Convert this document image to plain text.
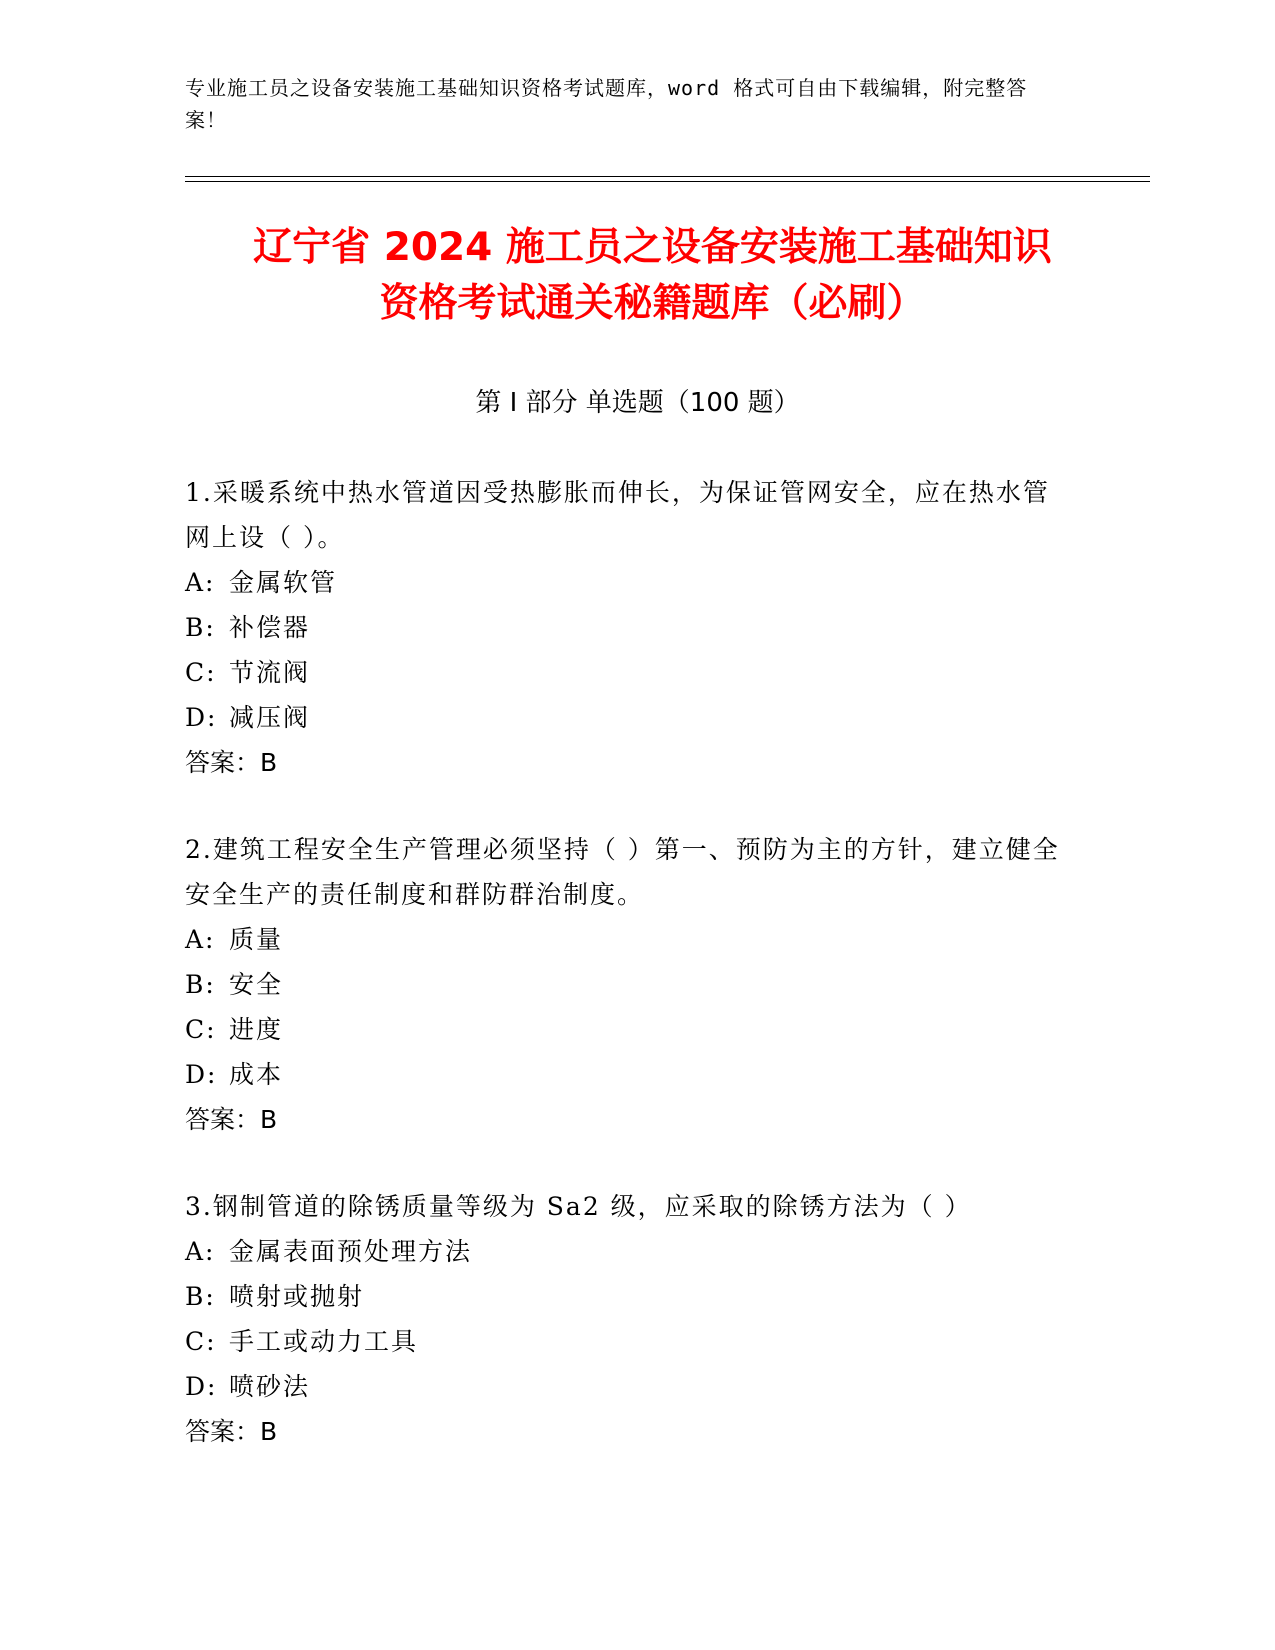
专业施工员之设备安装施工基础知识资格考试题库，word 格式可自由下载编辑，附完整答案！
辽宁省 2024 施工员之设备安装施工基础知识
资格考试通关秘籍题库（必刷）
第 I 部分 单选题（100 题）

1.采暖系统中热水管道因受热膨胀而伸长，为保证管网安全，应在热水管网上设（ ）。

A: 金属软管
B: 补偿器
C: 节流阀
D: 减压阀
答案：B

2.建筑工程安全生产管理必须坚持（ ）第一、预防为主的方针，建立健全安全生产的责任制度和群防群治制度。

A: 质量
B: 安全
C: 进度
D: 成本
答案：B

3.钢制管道的除锈质量等级为 Sa2 级，应采取的除锈方法为（ ）

A: 金属表面预处理方法
B: 喷射或抛射
C: 手工或动力工具
D: 喷砂法
答案：B
